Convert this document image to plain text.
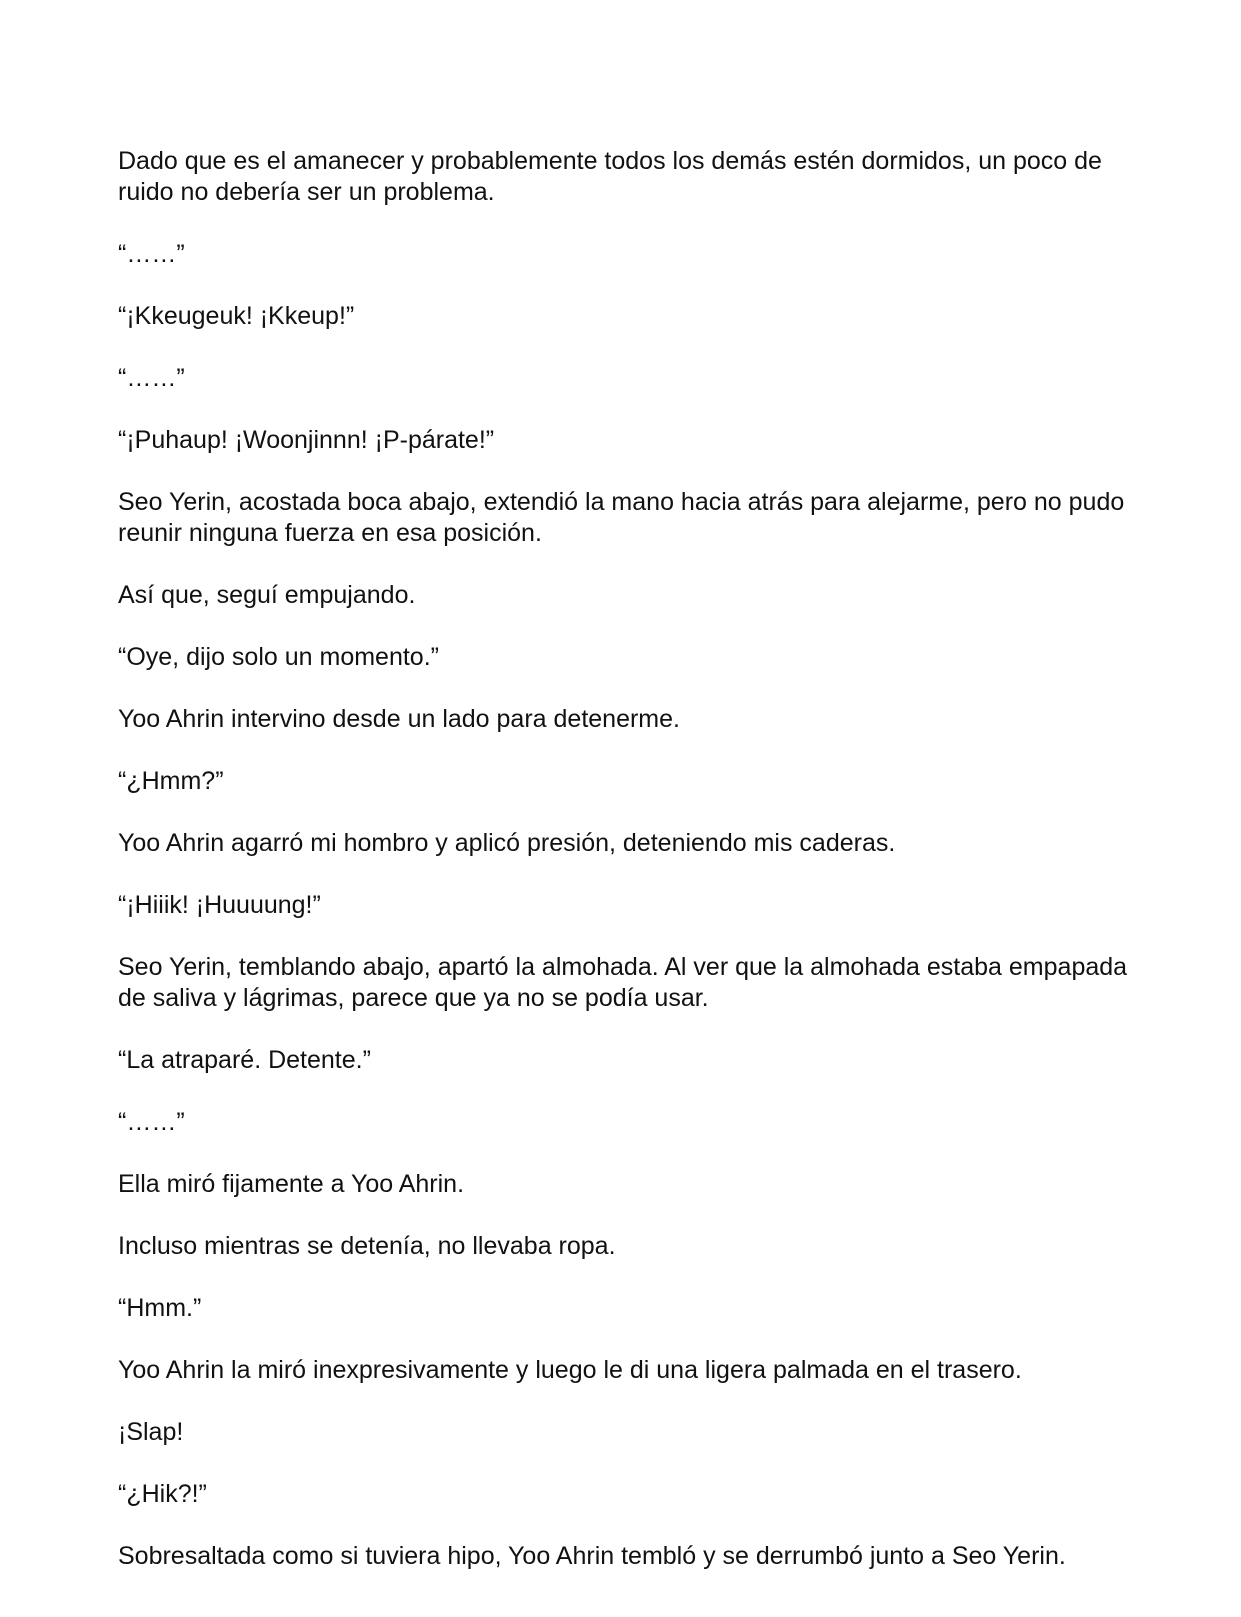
Dado que es el amanecer y probablemente todos los demás estén dormidos, un poco de ruido no debería ser un problema.

“……”

“¡Kkeugeuk! ¡Kkeup!”

“……”

“¡Puhaup! ¡Woonjinnn! ¡P-párate!”

Seo Yerin, acostada boca abajo, extendió la mano hacia atrás para alejarme, pero no pudo reunir ninguna fuerza en esa posición.

Así que, seguí empujando.

“Oye, dijo solo un momento.”

Yoo Ahrin intervino desde un lado para detenerme.

“¿Hmm?”

Yoo Ahrin agarró mi hombro y aplicó presión, deteniendo mis caderas.

“¡Hiiik! ¡Huuuung!”

Seo Yerin, temblando abajo, apartó la almohada. Al ver que la almohada estaba empapada de saliva y lágrimas, parece que ya no se podía usar.

“La atraparé. Detente.”

“……”

Ella miró fijamente a Yoo Ahrin.

Incluso mientras se detenía, no llevaba ropa.

“Hmm.”

Yoo Ahrin la miró inexpresivamente y luego le di una ligera palmada en el trasero.

¡Slap!

“¿Hik?!”

Sobresaltada como si tuviera hipo, Yoo Ahrin tembló y se derrumbó junto a Seo Yerin.
